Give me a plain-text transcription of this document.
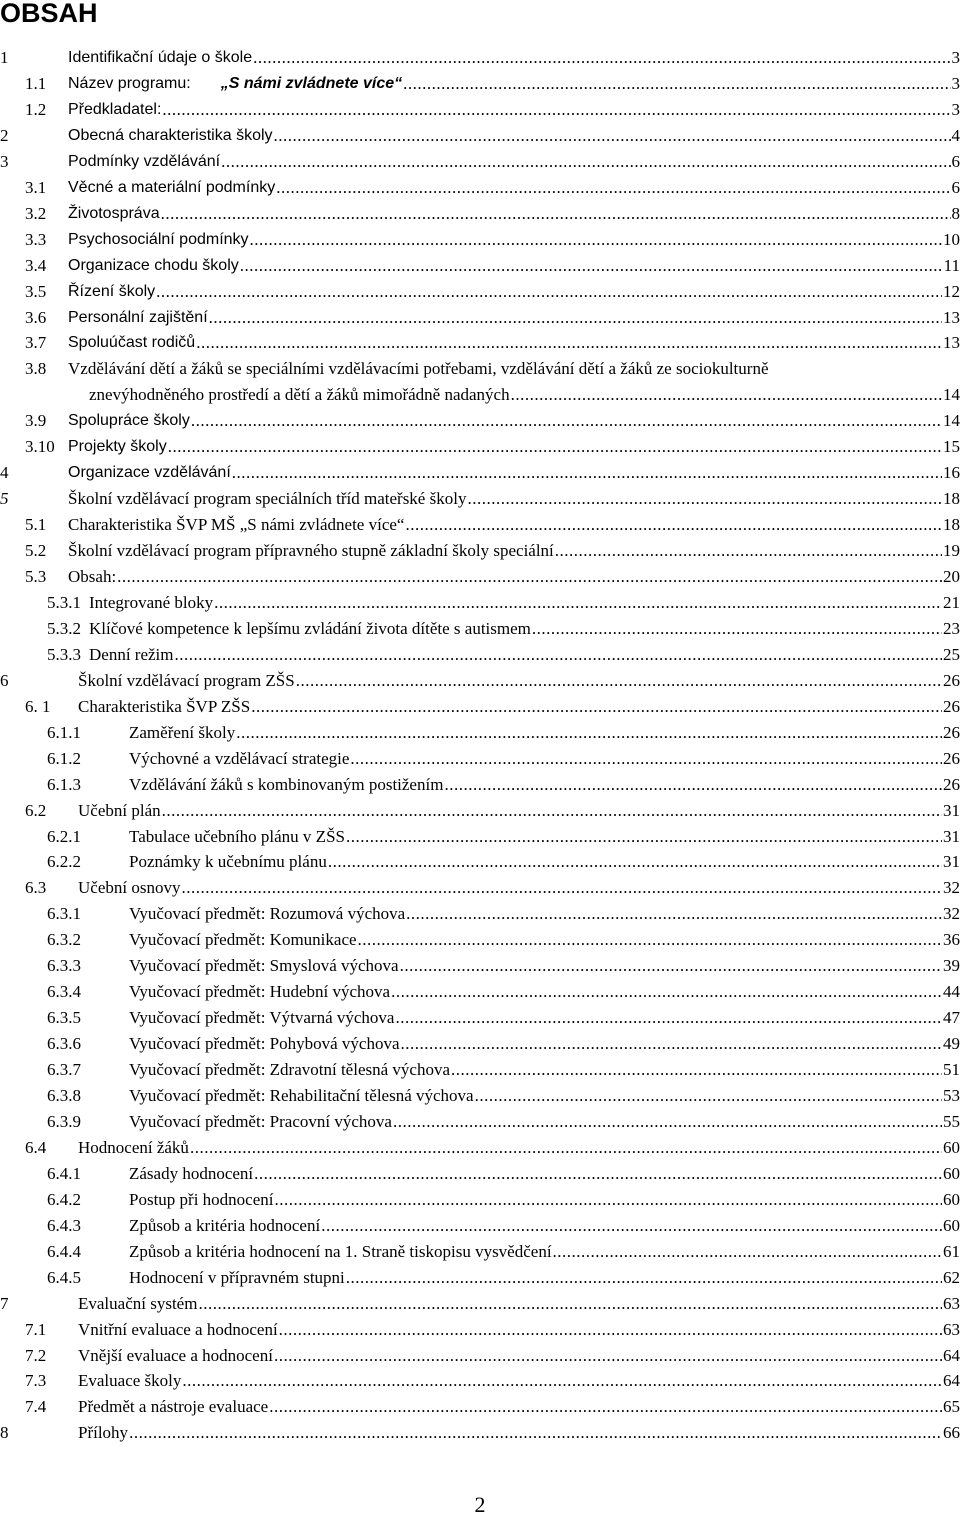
OBSAH
1	Identifikační údaje o škole .....	3
1.1 Název programu: „S námi zvládnete více“ .....	3
1.2 Předkladatel: .....	3
2	Obecná charakteristika školy .....	4
3	Podmínky vzdělávání .....	6
3.1 Věcné a materiální podmínky .....	6
3.2 Životospráva .....	8
3.3 Psychosociální podmínky .....	10
3.4 Organizace chodu školy .....	11
3.5 Řízení školy .....	12
3.6 Personální zajištění .....	13
3.7 Spoluúčast rodičů .....	13
3.8 Vzdělávání dětí a žáků se speciálními vzdělávacími potřebami, vzdělávání dětí a žáků ze sociokulturně
znevýhodněného prostředí a dětí a žáků mimořádně nadaných .....	14
3.9 Spolupráce školy .....	14
3.10 Projekty školy .....	15
4	Organizace vzdělávání .....	16
5	Školní vzdělávací program speciálních tříd mateřské školy .....	18
5.1 Charakteristika ŠVP MŠ „S námi zvládnete více“ .....	18
5.2 Školní vzdělávací program přípravného stupně základní školy speciální .....	19
5.3 Obsah: .....	20
5.3.1 Integrované bloky .....	21
5.3.2 Klíčové kompetence k lepšímu zvládání života dítěte s autismem .....	23
5.3.3 Denní režim .....	25
6	Školní vzdělávací program ZŠS .....	26
6. 1 Charakteristika ŠVP ZŠS .....	26
6.1.1	Zaměření školy .....	26
6.1.2	Výchovné a vzdělávací strategie .....	26
6.1.3	Vzdělávání žáků s kombinovaným postižením .....	26
6.2 Učební plán .....	31
6.2.1	Tabulace učebního plánu v ZŠS .....	31
6.2.2	Poznámky k učebnímu plánu .....	31
6.3 Učební osnovy .....	32
6.3.1	Vyučovací předmět: Rozumová výchova .....	32
6.3.2	Vyučovací předmět: Komunikace .....	36
6.3.3	Vyučovací předmět: Smyslová výchova .....	39
6.3.4	Vyučovací předmět: Hudební výchova .....	44
6.3.5	Vyučovací předmět: Výtvarná výchova .....	47
6.3.6	Vyučovací předmět: Pohybová výchova .....	49
6.3.7	Vyučovací předmět: Zdravotní tělesná výchova .....	51
6.3.8	Vyučovací předmět: Rehabilitační tělesná výchova .....	53
6.3.9	Vyučovací předmět: Pracovní výchova .....	55
6.4 Hodnocení žáků .....	60
6.4.1	Zásady hodnocení .....	60
6.4.2	Postup při hodnocení .....	60
6.4.3	Způsob a kritéria hodnocení .....	60
6.4.4	Způsob a kritéria hodnocení na 1. Straně tiskopisu vysvědčení .....	61
6.4.5	Hodnocení v přípravném stupni .....	62
7	Evaluační systém .....	63
7.1 Vnitřní evaluace a hodnocení .....	63
7.2 Vnější evaluace a hodnocení .....	64
7.3 Evaluace školy .....	64
7.4 Předmět a nástroje evaluace .....	65
8	Přílohy .....	66
2
